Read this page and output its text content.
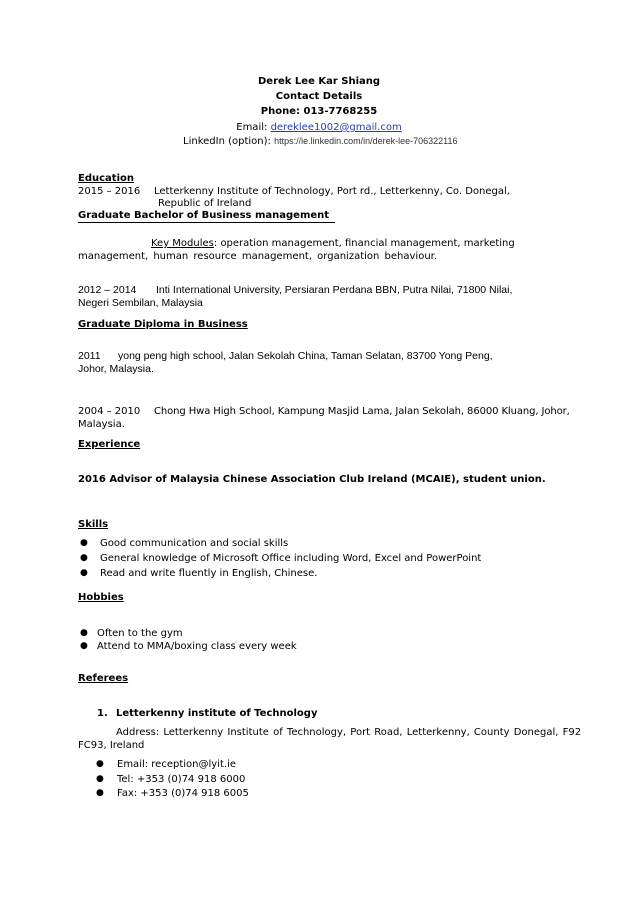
Derek Lee Kar Shiang
Contact Details
Phone: 013-7768255
Email: dereklee1002@gmail.com
LinkedIn (option): https://ie.linkedin.com/in/derek-lee-706322116
Education
2015 – 2016 Letterkenny Institute of Technology, Port rd., Letterkenny, Co. Donegal,
Republic of Ireland
Graduate Bachelor of Business management
Key Modules: operation management, financial management, marketing
management, human resource management, organization behaviour.
2012 – 2014 Inti International University, Persiaran Perdana BBN, Putra Nilai, 71800 Nilai,
Negeri Sembilan, Malaysia
Graduate Diploma in Business
2011 yong peng high school, Jalan Sekolah China, Taman Selatan, 83700 Yong Peng,
Johor, Malaysia.
2004 – 2010 Chong Hwa High School, Kampung Masjid Lama, Jalan Sekolah, 86000 Kluang, Johor,
Malaysia.
Experience
2016 Advisor of Malaysia Chinese Association Club Ireland (MCAIE), student union.
Skills
● Good communication and social skills
● General knowledge of Microsoft Office including Word, Excel and PowerPoint
● Read and write fluently in English, Chinese.
Hobbies
● Often to the gym
● Attend to MMA/boxing class every week
Referees
1. Letterkenny institute of Technology
Address: Letterkenny Institute of Technology, Port Road, Letterkenny, County Donegal, F92
FC93, Ireland
● Email: reception@lyit.ie
● Tel: +353 (0)74 918 6000
● Fax: +353 (0)74 918 6005
